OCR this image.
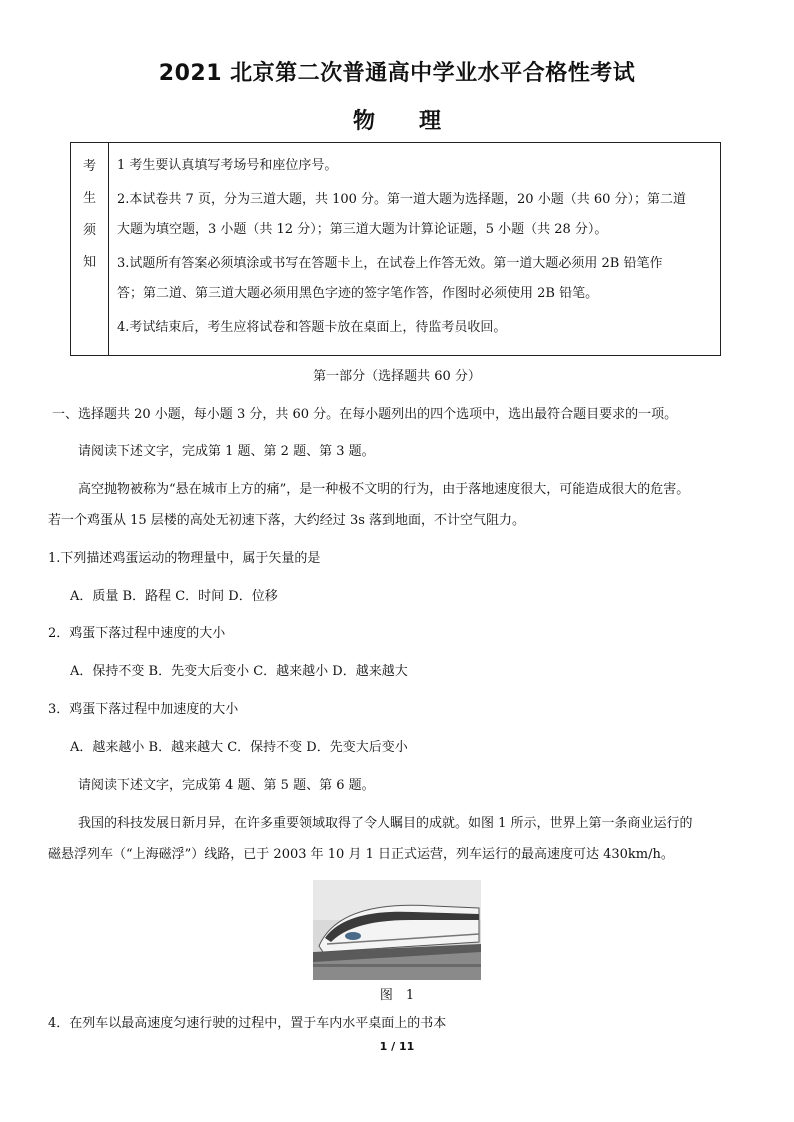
2021 北京第二次普通高中学业水平合格性考试
物　　理
考
生
须
知

1 考生要认真填写考场号和座位序号。

2.本试卷共 7 页，分为三道大题，共 100 分。第一道大题为选择题，20 小题（共 60 分）；第二道

大题为填空题，3 小题（共 12 分）；第三道大题为计算论证题，5 小题（共 28 分）。

3.试题所有答案必须填涂或书写在答题卡上，在试卷上作答无效。第一道大题必须用 2B 铅笔作

答；第二道、第三道大题必须用黑色字迹的签字笔作答，作图时必须使用 2B 铅笔。

4.考试结束后，考生应将试卷和答题卡放在桌面上，待监考员收回。

第一部分（选择题共 60 分）
一、选择题共 20 小题，每小题 3 分，共 60 分。在每小题列出的四个选项中，选出最符合题目要求的一项。
请阅读下述文字，完成第 1 题、第 2 题、第 3 题。
高空抛物被称为“悬在城市上方的痛”，是一种极不文明的行为，由于落地速度很大，可能造成很大的危害。
若一个鸡蛋从 15 层楼的高处无初速下落，大约经过 3s 落到地面，不计空气阻力。
1.下列描述鸡蛋运动的物理量中，属于矢量的是
A．质量 B．路程 C．时间 D．位移
2．鸡蛋下落过程中速度的大小
A．保持不变 B．先变大后变小 C．越来越小 D．越来越大
3．鸡蛋下落过程中加速度的大小
A．越来越小 B．越来越大 C．保持不变 D．先变大后变小
请阅读下述文字，完成第 4 题、第 5 题、第 6 题。
我国的科技发展日新月异，在许多重要领域取得了令人瞩目的成就。如图 1 所示，世界上第一条商业运行的
磁悬浮列车（“上海磁浮”）线路，已于 2003 年 10 月 1 日正式运营，列车运行的最高速度可达 430km/h。
图　1
4．在列车以最高速度匀速行驶的过程中，置于车内水平桌面上的书本
1 / 11
